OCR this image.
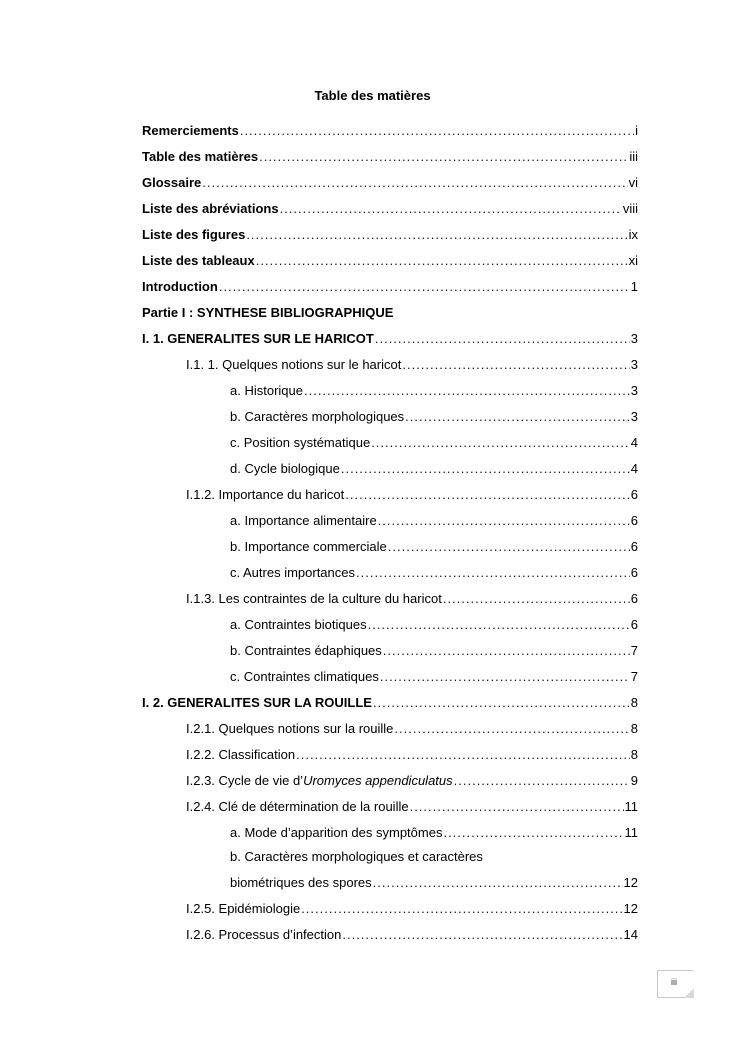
Table des matières
Remerciements .....	i
Table des matières .....	iii
Glossaire .....	vi
Liste des abréviations .....	viii
Liste des figures .....	ix
Liste des tableaux .....	xi
Introduction .....	1
Partie I : SYNTHESE BIBLIOGRAPHIQUE
I. 1. GENERALITES SUR LE HARICOT .....	3
I.1. 1. Quelques notions sur le haricot .....	3
a. Historique .....	3
b. Caractères morphologiques .....	3
c. Position systématique .....	4
d. Cycle biologique .....	4
I.1.2. Importance du haricot .....	6
a. Importance alimentaire .....	6
b. Importance commerciale .....	6
c. Autres importances .....	6
I.1.3. Les contraintes de la culture du haricot .....	6
a. Contraintes biotiques .....	6
b. Contraintes édaphiques .....	7
c. Contraintes climatiques .....	7
I. 2. GENERALITES SUR LA ROUILLE .....	8
I.2.1. Quelques notions sur la rouille .....	8
I.2.2. Classification .....	8
I.2.3. Cycle de vie d’Uromyces appendiculatus .....	9
I.2.4. Clé de détermination de la rouille .....	11
a. Mode d’apparition des symptômes .....	11
b. Caractères morphologiques et caractères
biométriques des spores .....	12
I.2.5. Epidémiologie .....	12
I.2.6. Processus d’infection .....	14
iii
